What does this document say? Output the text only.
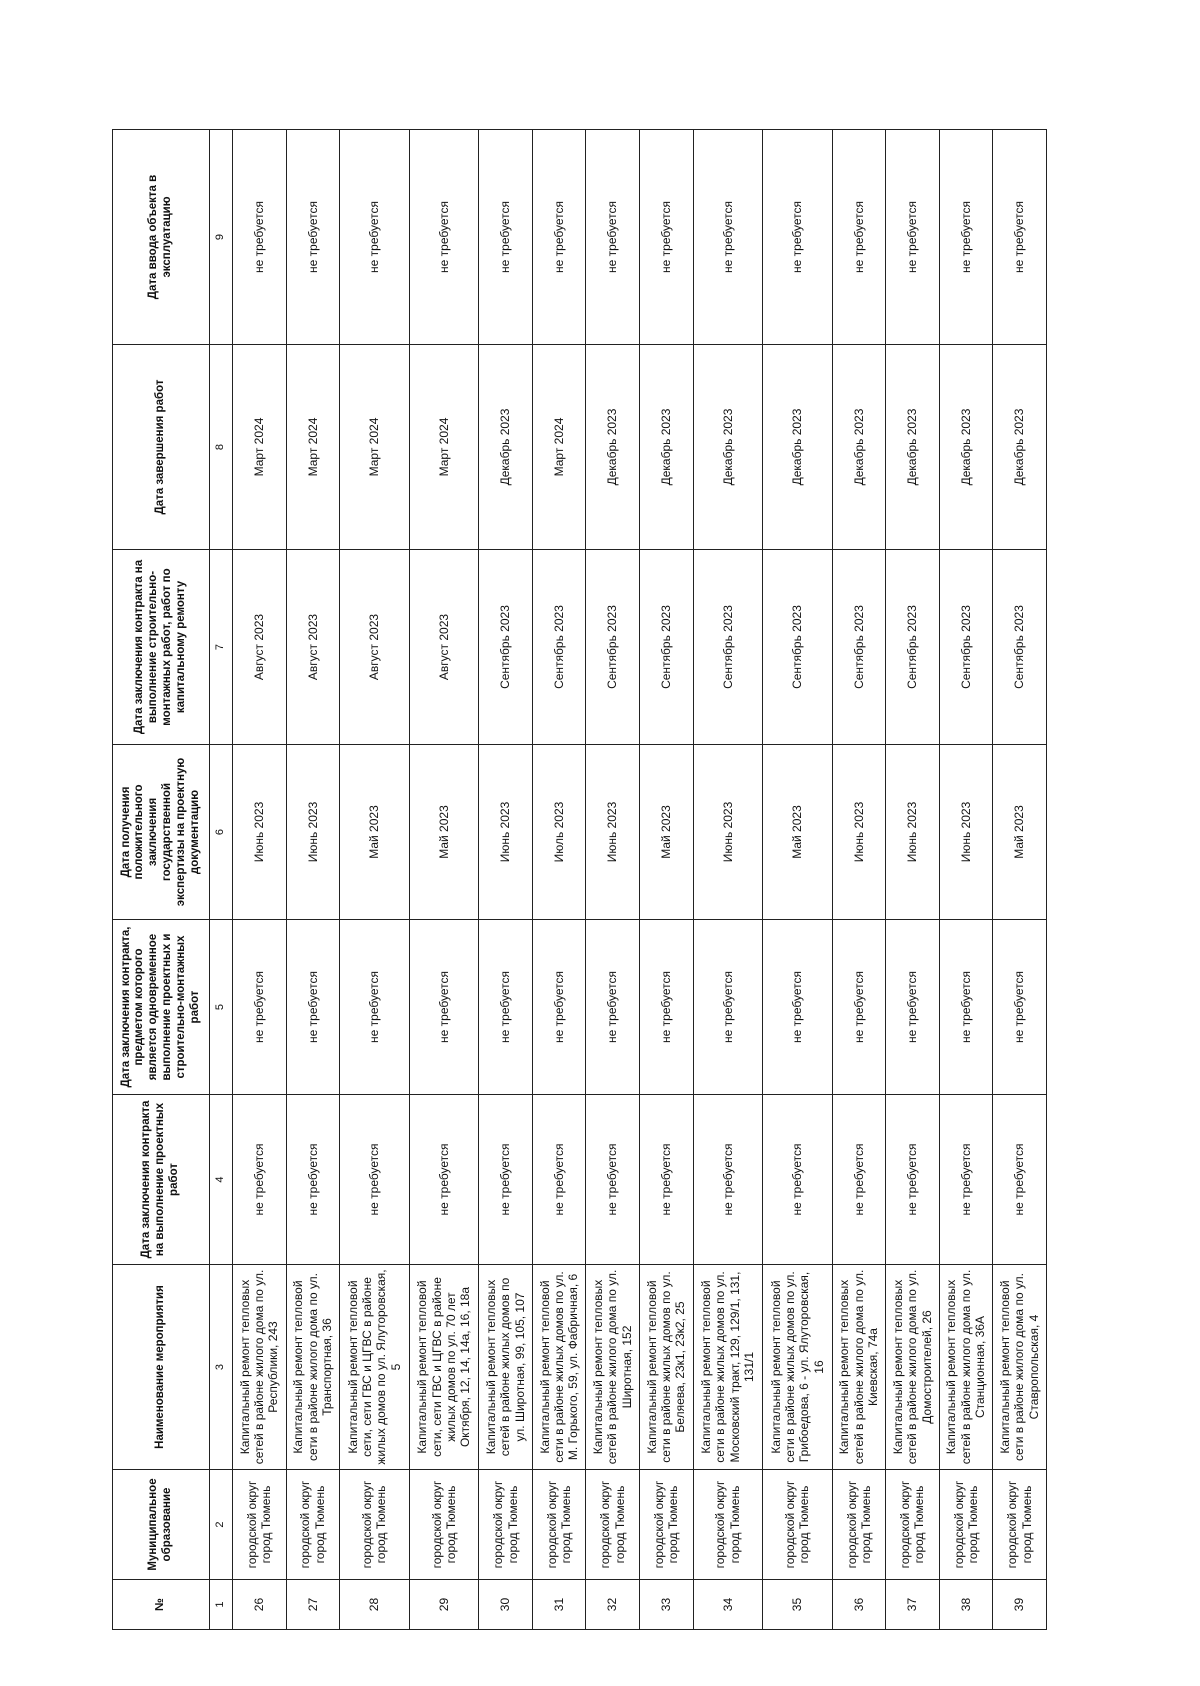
№	Муниципальное образование	Наименование мероприятия	Дата заключения контракта на выполнение проектных работ	Дата заключения контракта, предметом которого является одновременное выполнение проектных и строительно-монтажных работ	Дата получения положительного заключения государственной экспертизы на проектную документацию	Дата заключения контракта на выполнение строительно-монтажных работ, работ по капитальному ремонту	Дата завершения работ	Дата ввода объекта в эксплуатацию
1	2	3	4	5	6	7	8	9
26	городской округ город Тюмень	Капитальный ремонт тепловых сетей в районе жилого дома по ул. Республики, 243	не требуется	не требуется	Июнь 2023	Август 2023	Март 2024	не требуется
27	городской округ город Тюмень	Капитальный ремонт тепловой сети в районе жилого дома по ул. Транспортная, 36	не требуется	не требуется	Июнь 2023	Август 2023	Март 2024	не требуется
28	городской округ город Тюмень	Капитальный ремонт тепловой сети, сети ГВС и ЦГВС в районе жилых домов по ул. Ялуторовская, 5	не требуется	не требуется	Май 2023	Август 2023	Март 2024	не требуется
29	городской округ город Тюмень	Капитальный ремонт тепловой сети, сети ГВС и ЦГВС в районе жилых домов по ул. 70 лет Октября, 12, 14, 14а, 16, 18а	не требуется	не требуется	Май 2023	Август 2023	Март 2024	не требуется
30	городской округ город Тюмень	Капитальный ремонт тепловых сетей в районе жилых домов по ул. Широтная, 99, 105, 107	не требуется	не требуется	Июнь 2023	Сентябрь 2023	Декабрь 2023	не требуется
31	городской округ город Тюмень	Капитальный ремонт тепловой сети в районе жилых домов по ул. М. Горького, 59, ул. Фабричная, 6	не требуется	не требуется	Июль 2023	Сентябрь 2023	Март 2024	не требуется
32	городской округ город Тюмень	Капитальный ремонт тепловых сетей в районе жилого дома по ул. Широтная, 152	не требуется	не требуется	Июнь 2023	Сентябрь 2023	Декабрь 2023	не требуется
33	городской округ город Тюмень	Капитальный ремонт тепловой сети в районе жилых домов по ул. Беляева, 23к1, 23к2, 25	не требуется	не требуется	Май 2023	Сентябрь 2023	Декабрь 2023	не требуется
34	городской округ город Тюмень	Капитальный ремонт тепловой сети в районе жилых домов по ул. Московский тракт, 129, 129/1, 131, 131/1	не требуется	не требуется	Июнь 2023	Сентябрь 2023	Декабрь 2023	не требуется
35	городской округ город Тюмень	Капитальный ремонт тепловой сети в районе жилых домов по ул. Грибоедова, 6 - ул. Ялуторовская, 16	не требуется	не требуется	Май 2023	Сентябрь 2023	Декабрь 2023	не требуется
36	городской округ город Тюмень	Капитальный ремонт тепловых сетей в районе жилого дома по ул. Киевская, 74а	не требуется	не требуется	Июнь 2023	Сентябрь 2023	Декабрь 2023	не требуется
37	городской округ город Тюмень	Капитальный ремонт тепловых сетей в районе жилого дома по ул. Домостроителей, 26	не требуется	не требуется	Июнь 2023	Сентябрь 2023	Декабрь 2023	не требуется
38	городской округ город Тюмень	Капитальный ремонт тепловых сетей в районе жилого дома по ул. Станционная, 36А	не требуется	не требуется	Июнь 2023	Сентябрь 2023	Декабрь 2023	не требуется
39	городской округ город Тюмень	Капитальный ремонт тепловой сети в районе жилого дома по ул. Ставропольская, 4	не требуется	не требуется	Май 2023	Сентябрь 2023	Декабрь 2023	не требуется
